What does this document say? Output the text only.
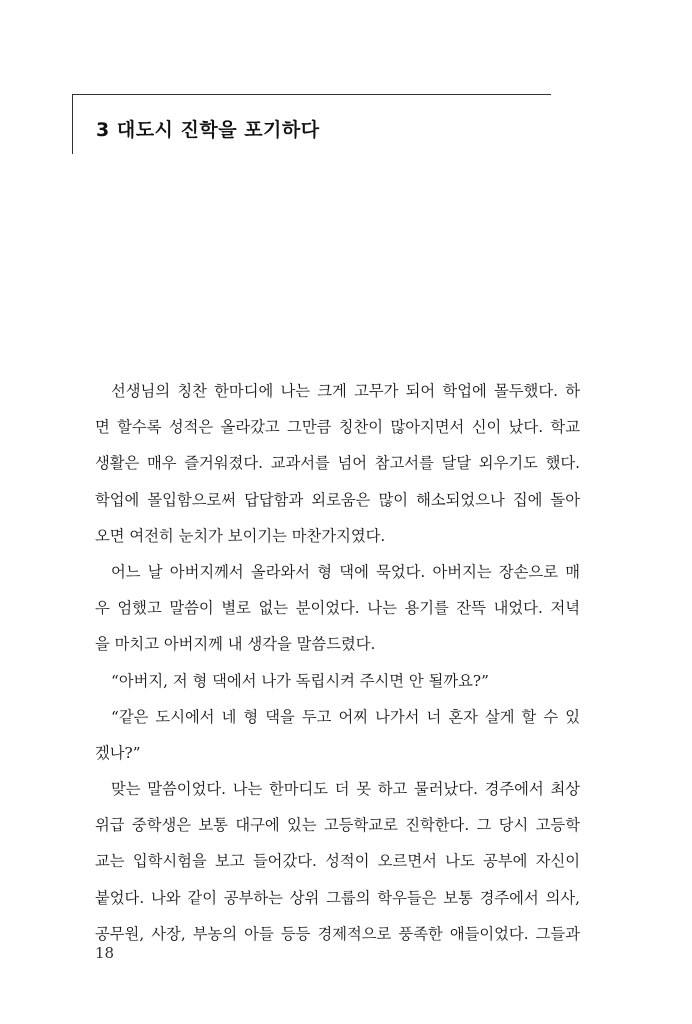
3 대도시 진학을 포기하다
선생님의 칭찬 한마디에 나는 크게 고무가 되어 학업에 몰두했다. 하
면 할수록 성적은 올라갔고 그만큼 칭찬이 많아지면서 신이 났다. 학교
생활은 매우 즐거워졌다. 교과서를 넘어 참고서를 달달 외우기도 했다.
학업에 몰입함으로써 답답함과 외로움은 많이 해소되었으나 집에 돌아
오면 여전히 눈치가 보이기는 마찬가지였다.
어느 날 아버지께서 올라와서 형 댁에 묵었다. 아버지는 장손으로 매
우 엄했고 말씀이 별로 없는 분이었다. 나는 용기를 잔뜩 내었다. 저녁
을 마치고 아버지께 내 생각을 말씀드렸다.
“아버지, 저 형 댁에서 나가 독립시켜 주시면 안 될까요?”
“같은 도시에서 네 형 댁을 두고 어찌 나가서 너 혼자 살게 할 수 있
겠나?”
맞는 말씀이었다. 나는 한마디도 더 못 하고 물러났다. 경주에서 최상
위급 중학생은 보통 대구에 있는 고등학교로 진학한다. 그 당시 고등학
교는 입학시험을 보고 들어갔다. 성적이 오르면서 나도 공부에 자신이
붙었다. 나와 같이 공부하는 상위 그룹의 학우들은 보통 경주에서 의사,
공무원, 사장, 부농의 아들 등등 경제적으로 풍족한 애들이었다. 그들과
18
